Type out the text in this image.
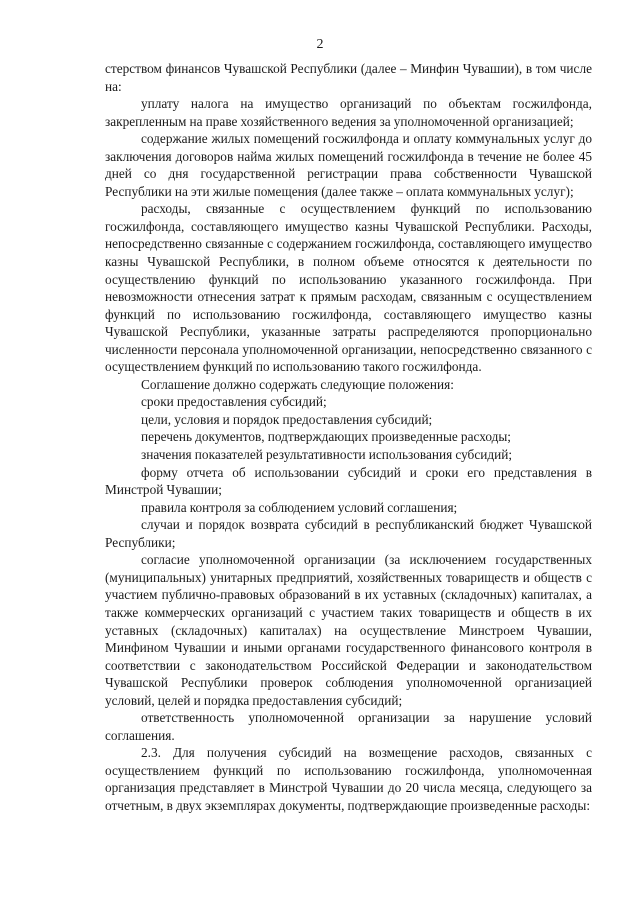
2

стерством финансов Чувашской Республики (далее – Минфин Чувашии), в том числе на:

уплату налога на имущество организаций по объектам госжилфонда, закрепленным на праве хозяйственного ведения за уполномоченной организацией;

содержание жилых помещений госжилфонда и оплату коммунальных услуг до заключения договоров найма жилых помещений госжилфонда в течение не более 45 дней со дня государственной регистрации права собственности Чувашской Республики на эти жилые помещения (далее также – оплата коммунальных услуг);

расходы, связанные с осуществлением функций по использованию госжилфонда, составляющего имущество казны Чувашской Республики. Расходы, непосредственно связанные с содержанием госжилфонда, составляющего имущество казны Чувашской Республики, в полном объеме относятся к деятельности по осуществлению функций по использованию указанного госжилфонда. При невозможности отнесения затрат к прямым расходам, связанным с осуществлением функций по использованию госжилфонда, составляющего имущество казны Чувашской Республики, указанные затраты распределяются пропорционально численности персонала уполномоченной организации, непосредственно связанного с осуществлением функций по использованию такого госжилфонда.

Соглашение должно содержать следующие положения:

сроки предоставления субсидий;

цели, условия и порядок предоставления субсидий;

перечень документов, подтверждающих произведенные расходы;

значения показателей результативности использования субсидий;

форму отчета об использовании субсидий и сроки его представления в Минстрой Чувашии;

правила контроля за соблюдением условий соглашения;

случаи и порядок возврата субсидий в республиканский бюджет Чувашской Республики;

согласие уполномоченной организации (за исключением государственных (муниципальных) унитарных предприятий, хозяйственных товариществ и обществ с участием публично-правовых образований в их уставных (складочных) капиталах, а также коммерческих организаций с участием таких товариществ и обществ в их уставных (складочных) капиталах) на осуществление Минстроем Чувашии, Минфином Чувашии и иными органами государственного финансового контроля в соответствии с законодательством Российской Федерации и законодательством Чувашской Республики проверок соблюдения уполномоченной организацией условий, целей и порядка предоставления субсидий;

ответственность уполномоченной организации за нарушение условий соглашения.

2.3. Для получения субсидий на возмещение расходов, связанных с осуществлением функций по использованию госжилфонда, уполномоченная организация представляет в Минстрой Чувашии до 20 числа месяца, следующего за отчетным, в двух экземплярах документы, подтверждающие произведенные расходы:
